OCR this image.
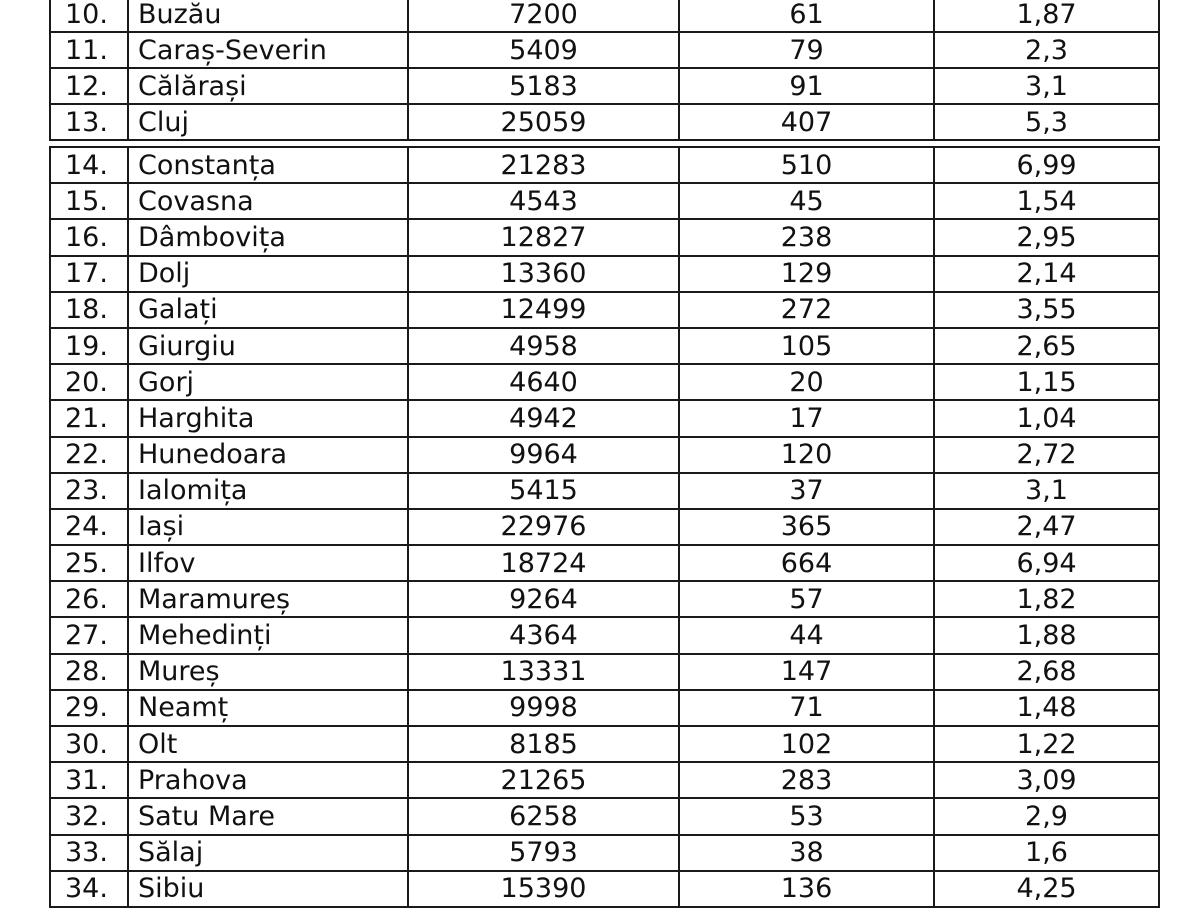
10.	Buzău	7200	61	1,87
11.	Caraș-Severin	5409	79	2,3
12.	Călărași	5183	91	3,1
13.	Cluj	25059	407	5,3
14.	Constanța	21283	510	6,99
15.	Covasna	4543	45	1,54
16.	Dâmbovița	12827	238	2,95
17.	Dolj	13360	129	2,14
18.	Galați	12499	272	3,55
19.	Giurgiu	4958	105	2,65
20.	Gorj	4640	20	1,15
21.	Harghita	4942	17	1,04
22.	Hunedoara	9964	120	2,72
23.	Ialomița	5415	37	3,1
24.	Iași	22976	365	2,47
25.	Ilfov	18724	664	6,94
26.	Maramureș	9264	57	1,82
27.	Mehedinți	4364	44	1,88
28.	Mureș	13331	147	2,68
29.	Neamț	9998	71	1,48
30.	Olt	8185	102	1,22
31.	Prahova	21265	283	3,09
32.	Satu Mare	6258	53	2,9
33.	Sălaj	5793	38	1,6
34.	Sibiu	15390	136	4,25
